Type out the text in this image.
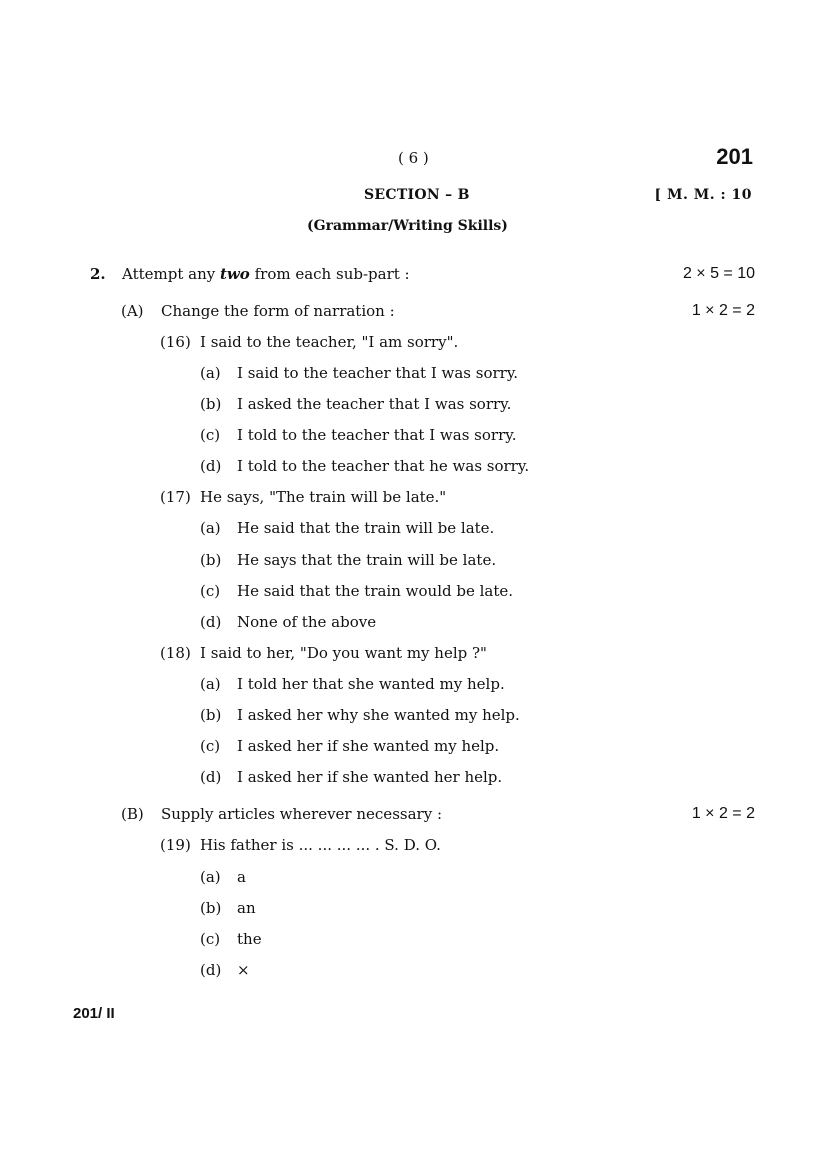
( 6 )	201
SECTION – B	[ M. M. : 10
(Grammar/Writing Skills)
2. Attempt any two from each sub-part :	2 × 5 = 10
(A) Change the form of narration :	1 × 2 = 2
(16) I said to the teacher, "I am sorry".
(a) I said to the teacher that I was sorry.
(b) I asked the teacher that I was sorry.
(c) I told to the teacher that I was sorry.
(d) I told to the teacher that he was sorry.
(17) He says, "The train will be late."
(a) He said that the train will be late.
(b) He says that the train will be late.
(c) He said that the train would be late.
(d) None of the above
(18) I said to her, "Do you want my help ?"
(a) I told her that she wanted my help.
(b) I asked her why she wanted my help.
(c) I asked her if she wanted my help.
(d) I asked her if she wanted her help.
(B) Supply articles wherever necessary :	1 × 2 = 2
(19) His father is ... ... ... ... . S. D. O.
(a) a
(b) an
(c) the
(d) ×
201/ II
